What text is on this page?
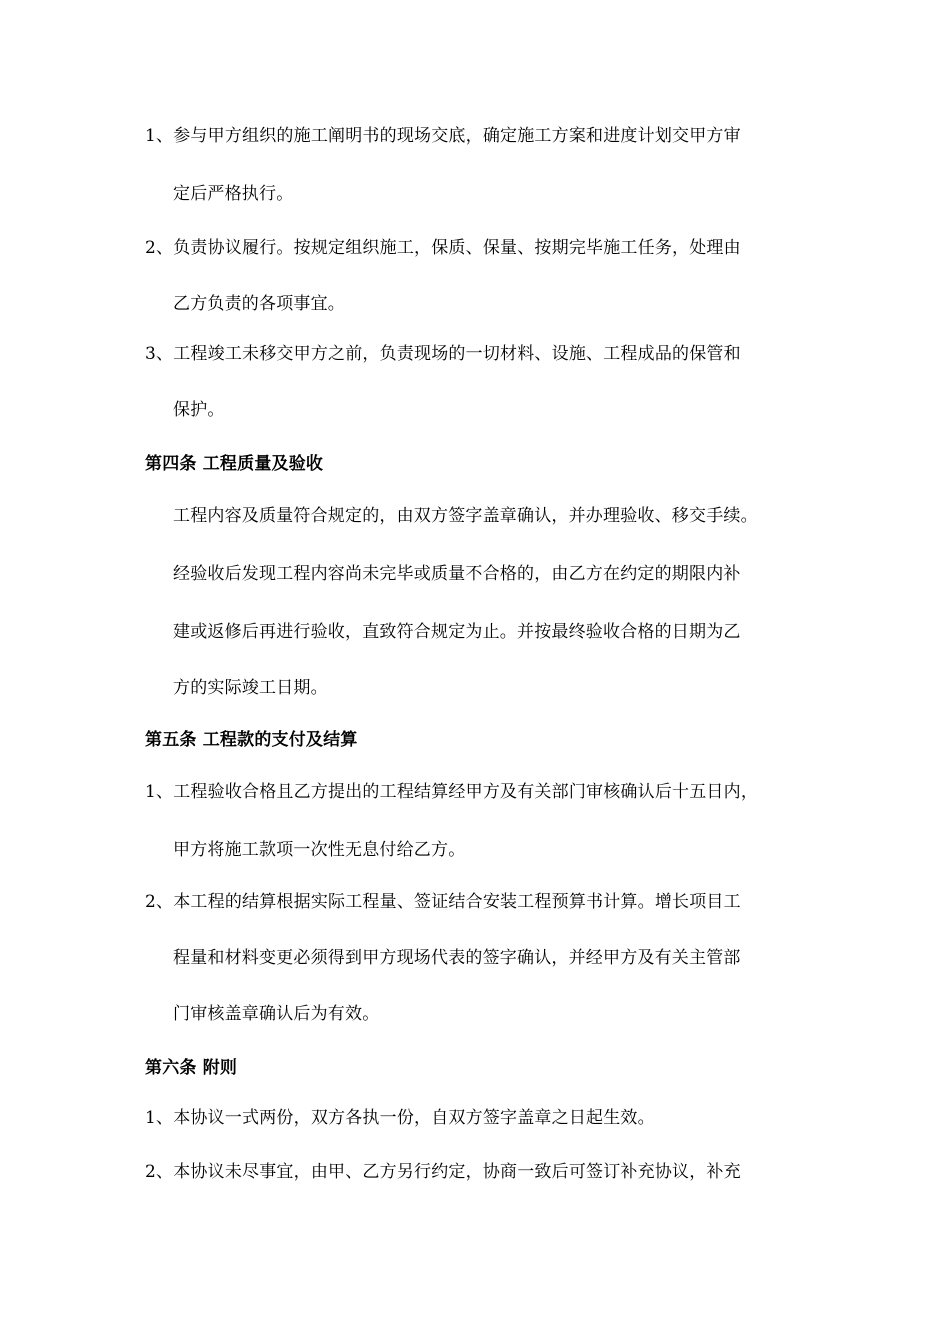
1、参与甲方组织的施工阐明书的现场交底，确定施工方案和进度计划交甲方审
定后严格执行。
2、负责协议履行。按规定组织施工，保质、保量、按期完毕施工任务，处理由
乙方负责的各项事宜。
3、工程竣工未移交甲方之前，负责现场的一切材料、设施、工程成品的保管和
保护。
第四条 工程质量及验收
工程内容及质量符合规定的，由双方签字盖章确认，并办理验收、移交手续。
经验收后发现工程内容尚未完毕或质量不合格的，由乙方在约定的期限内补
建或返修后再进行验收，直致符合规定为止。并按最终验收合格的日期为乙
方的实际竣工日期。
第五条 工程款的支付及结算
1、工程验收合格且乙方提出的工程结算经甲方及有关部门审核确认后十五日内，
甲方将施工款项一次性无息付给乙方。
2、本工程的结算根据实际工程量、签证结合安装工程预算书计算。增长项目工
程量和材料变更必须得到甲方现场代表的签字确认，并经甲方及有关主管部
门审核盖章确认后为有效。
第六条 附则
1、本协议一式两份，双方各执一份，自双方签字盖章之日起生效。
2、本协议未尽事宜，由甲、乙方另行约定，协商一致后可签订补充协议，补充
